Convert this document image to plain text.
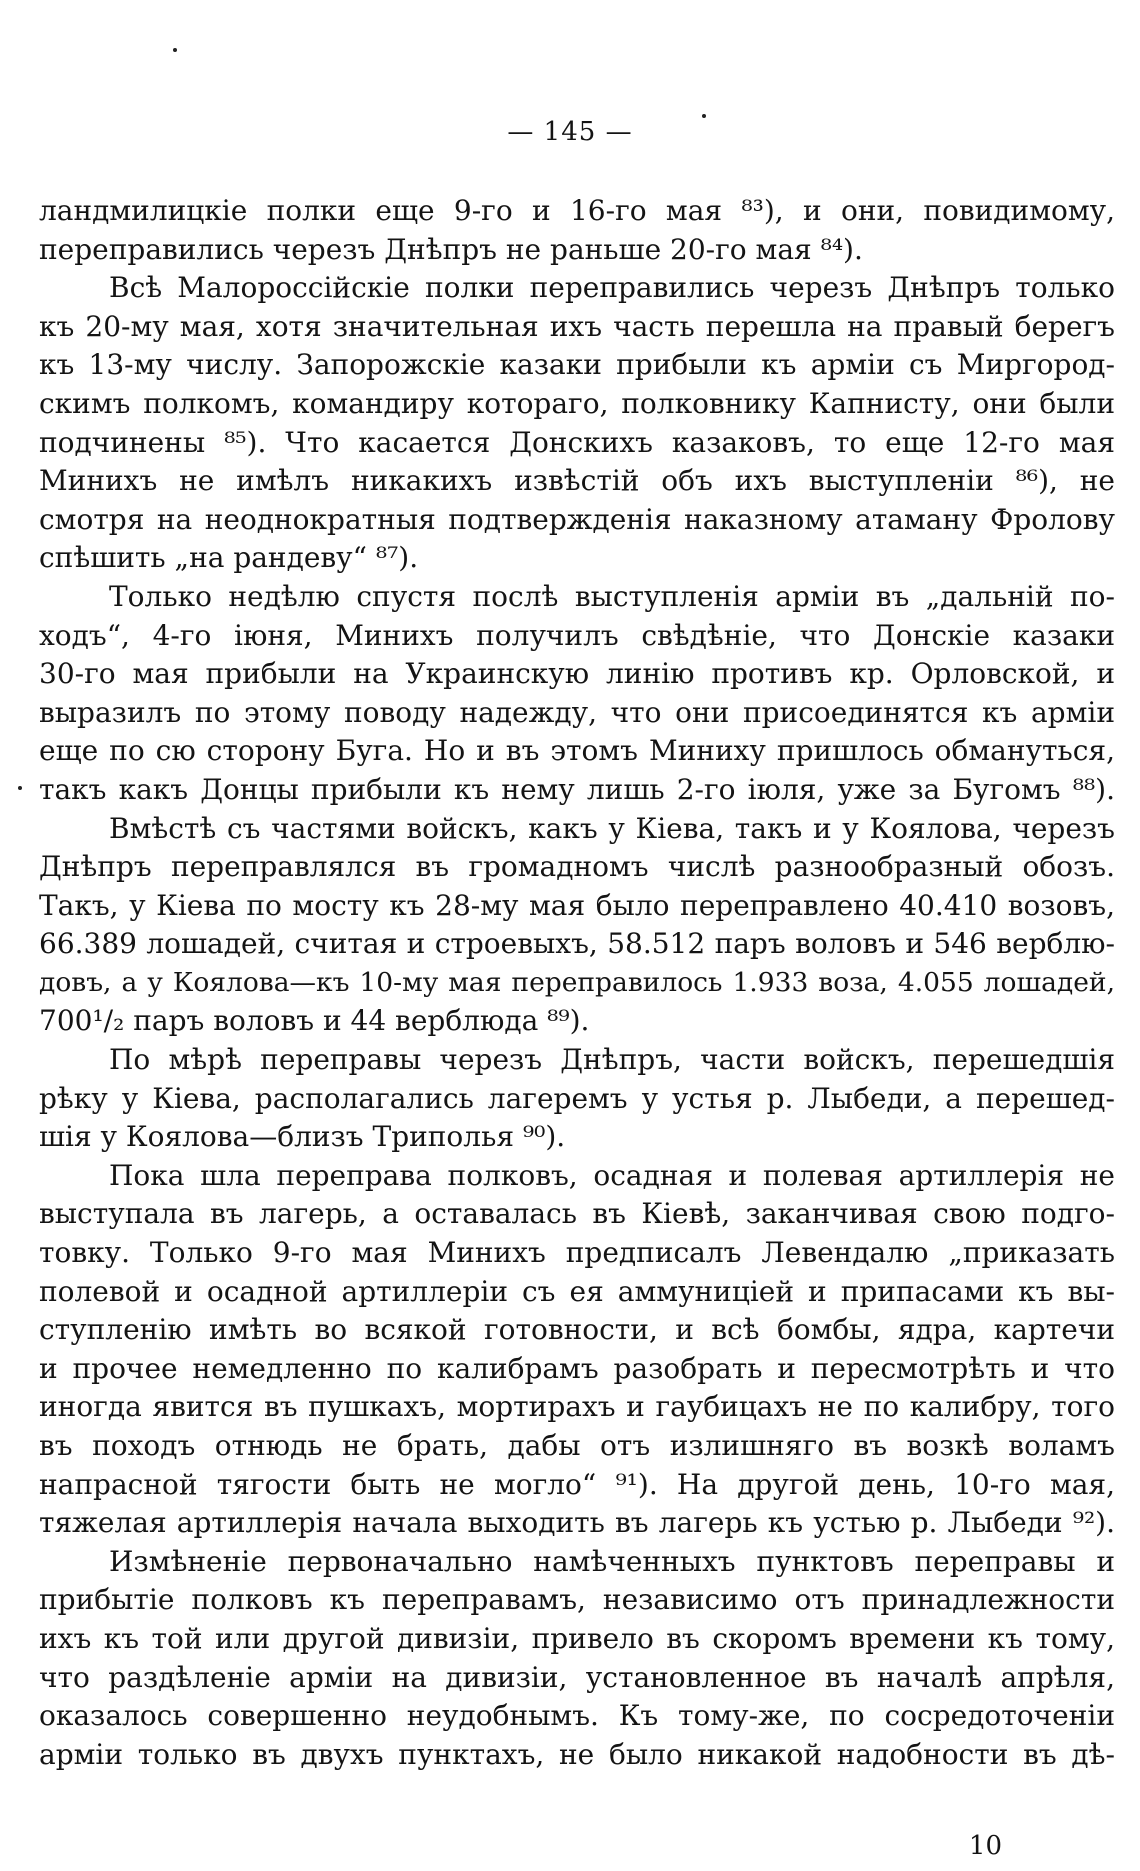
— 145 —
ландмилицкіе полки еще 9-го и 16-го мая ⁸³), и они, повидимому,
переправились черезъ Днѣпръ не раньше 20-го мая ⁸⁴).
Всѣ Малороссійскіе полки переправились черезъ Днѣпръ только
къ 20-му мая, хотя значительная ихъ часть перешла на правый берегъ
къ 13-му числу. Запорожскіе казаки прибыли къ арміи съ Миргород-
скимъ полкомъ, командиру котораго, полковнику Капнисту, они были
подчинены ⁸⁵). Что касается Донскихъ казаковъ, то еще 12-го мая
Минихъ не имѣлъ никакихъ извѣстій объ ихъ выступленіи ⁸⁶), не
смотря на неоднократныя подтвержденія наказному атаману Фролову
спѣшить „на рандеву“ ⁸⁷).
Только недѣлю спустя послѣ выступленія арміи въ „дальній по-
ходъ“, 4-го іюня, Минихъ получилъ свѣдѣніе, что Донскіе казаки
30-го мая прибыли на Украинскую линію противъ кр. Орловской, и
выразилъ по этому поводу надежду, что они присоединятся къ арміи
еще по сю сторону Буга. Но и въ этомъ Миниху пришлось обмануться,
такъ какъ Донцы прибыли къ нему лишь 2-го іюля, уже за Бугомъ ⁸⁸).
Вмѣстѣ съ частями войскъ, какъ у Кіева, такъ и у Коялова, черезъ
Днѣпръ переправлялся въ громадномъ числѣ разнообразный обозъ.
Такъ, у Кіева по мосту къ 28-му мая было переправлено 40.410 возовъ,
66.389 лошадей, считая и строевыхъ, 58.512 паръ воловъ и 546 верблю-
довъ, а у Коялова—къ 10-му мая переправилось 1.933 воза, 4.055 лошадей,
700¹/₂ паръ воловъ и 44 верблюда ⁸⁹).
По мѣрѣ переправы черезъ Днѣпръ, части войскъ, перешедшія
рѣку у Кіева, располагались лагеремъ у устья р. Лыбеди, а перешед-
шія у Коялова—близъ Триполья ⁹⁰).
Пока шла переправа полковъ, осадная и полевая артиллерія не
выступала въ лагерь, а оставалась въ Кіевѣ, заканчивая свою подго-
товку. Только 9-го мая Минихъ предписалъ Левендалю „приказать
полевой и осадной артиллеріи съ ея аммуниціей и припасами къ вы-
ступленію имѣть во всякой готовности, и всѣ бомбы, ядра, картечи
и прочее немедленно по калибрамъ разобрать и пересмотрѣть и что
иногда явится въ пушкахъ, мортирахъ и гаубицахъ не по калибру, того
въ походъ отнюдь не брать, дабы отъ излишняго въ возкѣ воламъ
напрасной тягости быть не могло“ ⁹¹). На другой день, 10-го мая,
тяжелая артиллерія начала выходить въ лагерь къ устью р. Лыбеди ⁹²).
Измѣненіе первоначально намѣченныхъ пунктовъ переправы и
прибытіе полковъ къ переправамъ, независимо отъ принадлежности
ихъ къ той или другой дивизіи, привело въ скоромъ времени къ тому,
что раздѣленіе арміи на дивизіи, установленное въ началѣ апрѣля,
оказалось совершенно неудобнымъ. Къ тому-же, по сосредоточеніи
арміи только въ двухъ пунктахъ, не было никакой надобности въ дѣ-
10
